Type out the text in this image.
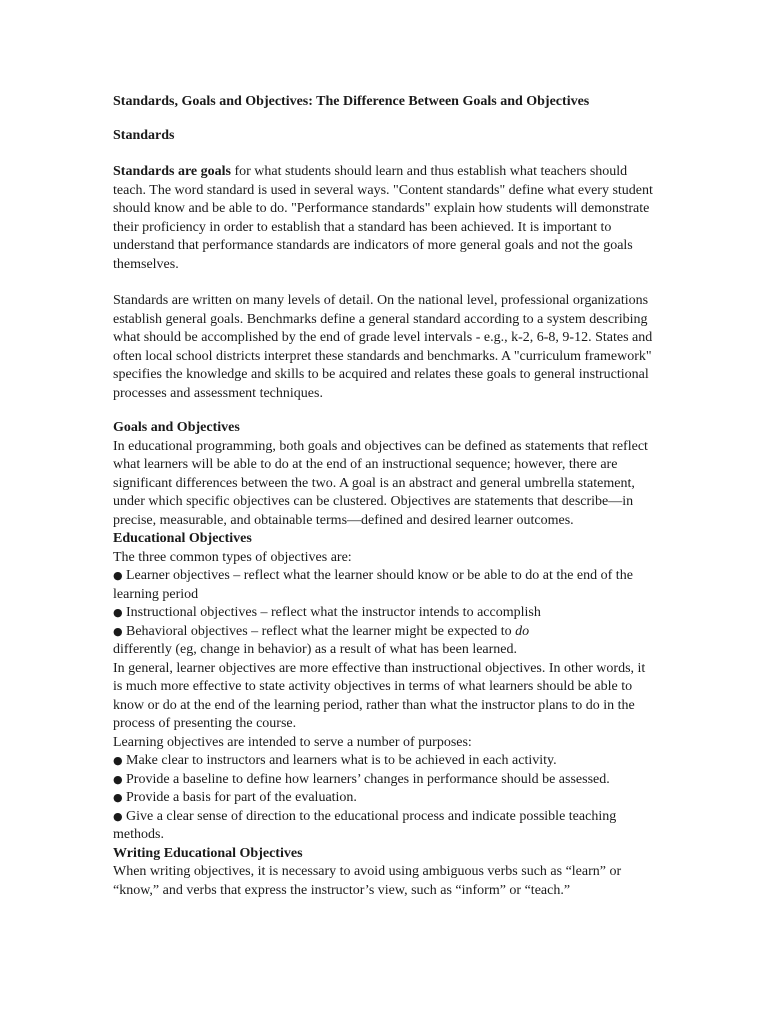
Standards, Goals and Objectives: The Difference Between Goals and Objectives

Standards

Standards are goals for what students should learn and thus establish what teachers should teach. The word standard is used in several ways. "Content standards" define what every student should know and be able to do. "Performance standards" explain how students will demonstrate their proficiency in order to establish that a standard has been achieved. It is important to understand that performance standards are indicators of more general goals and not the goals themselves.

Standards are written on many levels of detail. On the national level, professional organizations establish general goals. Benchmarks define a general standard according to a system describing what should be accomplished by the end of grade level intervals - e.g., k-2, 6-8, 9-12. States and often local school districts interpret these standards and benchmarks. A "curriculum framework" specifies the knowledge and skills to be acquired and relates these goals to general instructional processes and assessment techniques.

Goals and Objectives

In educational programming, both goals and objectives can be defined as statements that reflect what learners will be able to do at the end of an instructional sequence; however, there are significant differences between the two. A goal is an abstract and general umbrella statement, under which specific objectives can be clustered. Objectives are statements that describe—in precise, measurable, and obtainable terms—defined and desired learner outcomes.

Educational Objectives

The three common types of objectives are:

● Learner objectives – reflect what the learner should know or be able to do at the end of the learning period

● Instructional objectives – reflect what the instructor intends to accomplish

● Behavioral objectives – reflect what the learner might be expected to do

differently (eg, change in behavior) as a result of what has been learned.

In general, learner objectives are more effective than instructional objectives. In other words, it is much more effective to state activity objectives in terms of what learners should be able to know or do at the end of the learning period, rather than what the instructor plans to do in the process of presenting the course.

Learning objectives are intended to serve a number of purposes:

● Make clear to instructors and learners what is to be achieved in each activity.

● Provide a baseline to define how learners’ changes in performance should be assessed.

● Provide a basis for part of the evaluation.

● Give a clear sense of direction to the educational process and indicate possible teaching methods.

Writing Educational Objectives

When writing objectives, it is necessary to avoid using ambiguous verbs such as “learn” or “know,” and verbs that express the instructor’s view, such as “inform” or “teach.”
